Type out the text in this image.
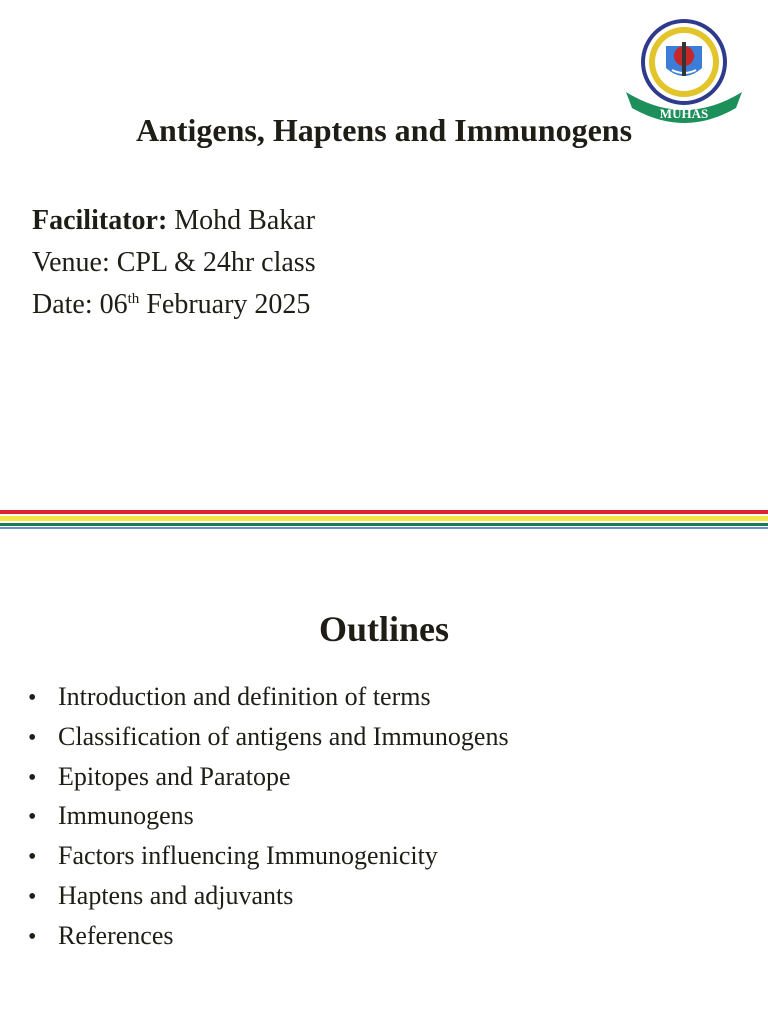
MUHAS
Antigens, Haptens and Immunogens
Facilitator: Mohd Bakar
Venue: CPL & 24hr class
Date: 06th February 2025
Outlines
• Introduction and definition of terms
• Classification of antigens and Immunogens
• Epitopes and Paratope
• Immunogens
• Factors influencing Immunogenicity
• Haptens and adjuvants
• References
